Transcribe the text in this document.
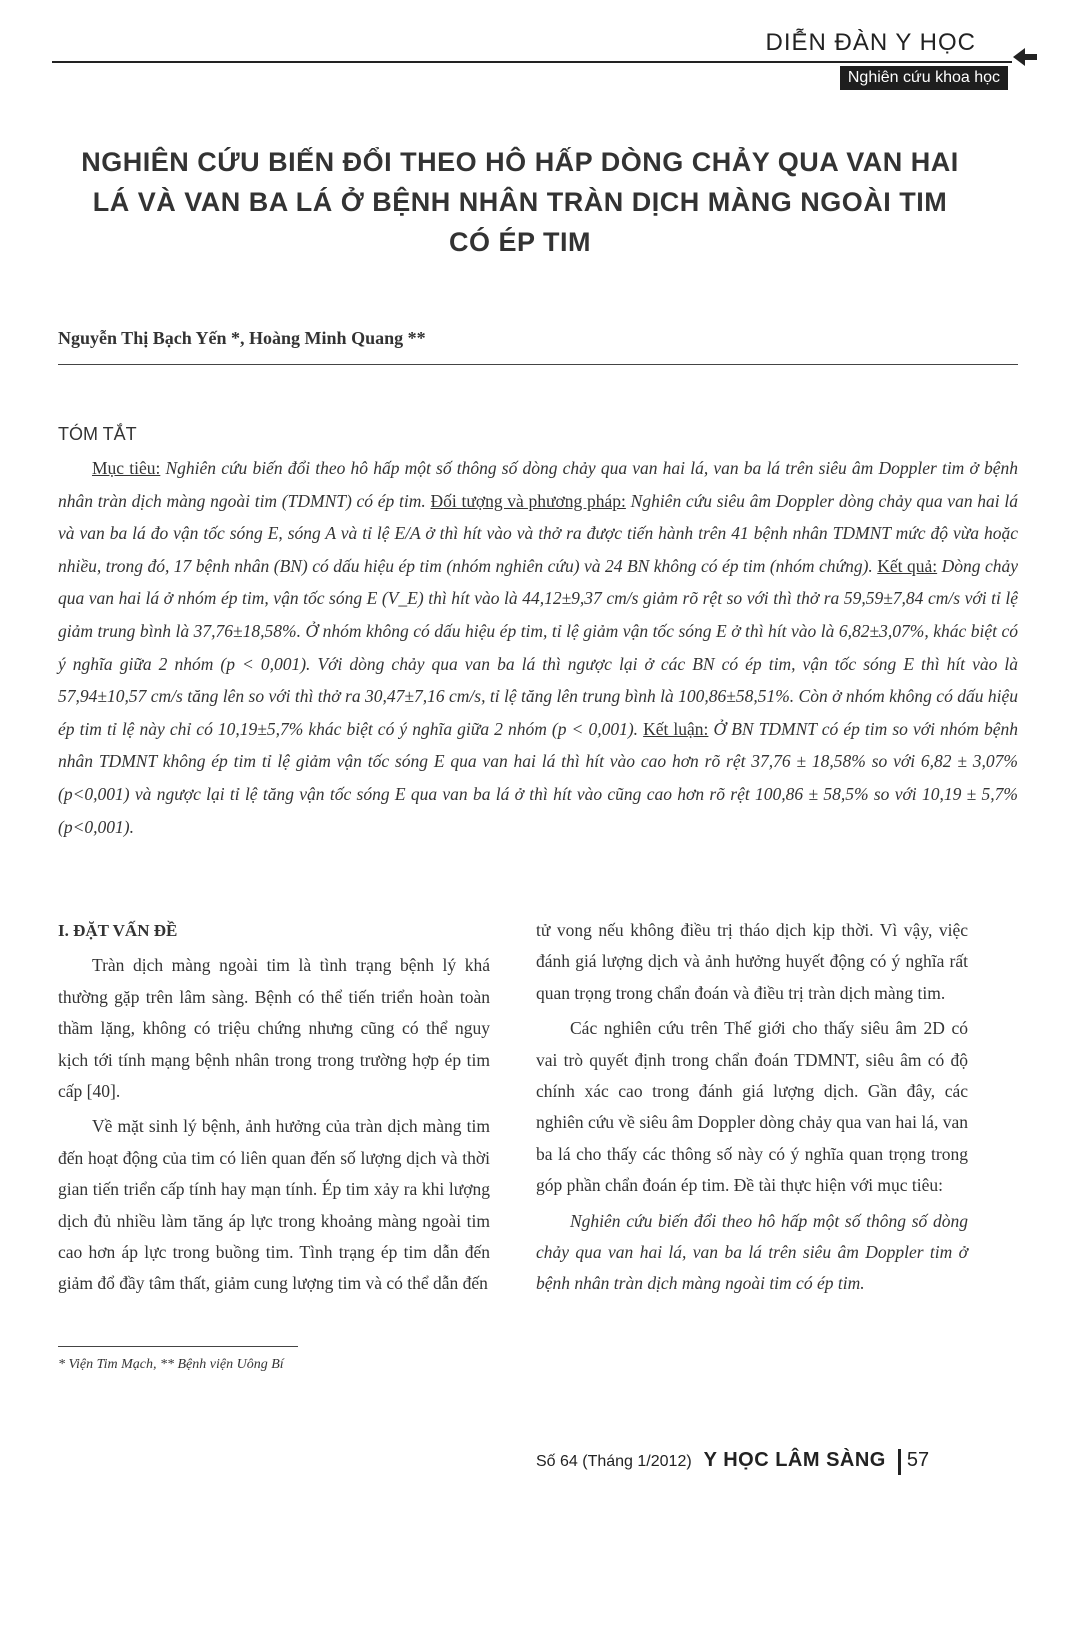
DIỄN ĐÀN Y HỌC
Nghiên cứu khoa học
NGHIÊN CỨU BIẾN ĐỔI THEO HÔ HẤP DÒNG CHẢY QUA VAN HAI LÁ VÀ VAN BA LÁ Ở BỆNH NHÂN TRÀN DỊCH MÀNG NGOÀI TIM CÓ ÉP TIM
Nguyễn Thị Bạch Yến *, Hoàng Minh Quang **
TÓM TẮT
Mục tiêu: Nghiên cứu biến đổi theo hô hấp một số thông số dòng chảy qua van hai lá, van ba lá trên siêu âm Doppler tim ở bệnh nhân tràn dịch màng ngoài tim (TDMNT) có ép tim. Đối tượng và phương pháp: Nghiên cứu siêu âm Doppler dòng chảy qua van hai lá và van ba lá đo vận tốc sóng E, sóng A và tỉ lệ E/A ở thì hít vào và thở ra được tiến hành trên 41 bệnh nhân TDMNT mức độ vừa hoặc nhiều, trong đó, 17 bệnh nhân (BN) có dấu hiệu ép tim (nhóm nghiên cứu) và 24 BN không có ép tim (nhóm chứng). Kết quả: Dòng chảy qua van hai lá ở nhóm ép tim, vận tốc sóng E (V_E) thì hít vào là 44,12±9,37 cm/s giảm rõ rệt so với thì thở ra 59,59±7,84 cm/s với tỉ lệ giảm trung bình là 37,76±18,58%. Ở nhóm không có dấu hiệu ép tim, tỉ lệ giảm vận tốc sóng E ở thì hít vào là 6,82±3,07%, khác biệt có ý nghĩa giữa 2 nhóm (p < 0,001). Với dòng chảy qua van ba lá thì ngược lại ở các BN có ép tim, vận tốc sóng E thì hít vào là 57,94±10,57 cm/s tăng lên so với thì thở ra 30,47±7,16 cm/s, tỉ lệ tăng lên trung bình là 100,86±58,51%. Còn ở nhóm không có dấu hiệu ép tim tỉ lệ này chỉ có 10,19±5,7% khác biệt có ý nghĩa giữa 2 nhóm (p < 0,001). Kết luận: Ở BN TDMNT có ép tim so với nhóm bệnh nhân TDMNT không ép tim tỉ lệ giảm vận tốc sóng E qua van hai lá thì hít vào cao hơn rõ rệt 37,76 ± 18,58% so với 6,82 ± 3,07% (p<0,001) và ngược lại tỉ lệ tăng vận tốc sóng E qua van ba lá ở thì hít vào cũng cao hơn rõ rệt 100,86 ± 58,5% so với 10,19 ± 5,7% (p<0,001).

I. ĐẶT VẤN ĐỀ

Tràn dịch màng ngoài tim là tình trạng bệnh lý khá thường gặp trên lâm sàng. Bệnh có thể tiến triển hoàn toàn thầm lặng, không có triệu chứng nhưng cũng có thể nguy kịch tới tính mạng bệnh nhân trong trong trường hợp ép tim cấp [40].

Về mặt sinh lý bệnh, ảnh hưởng của tràn dịch màng tim đến hoạt động của tim có liên quan đến số lượng dịch và thời gian tiến triển cấp tính hay mạn tính. Ép tim xảy ra khi lượng dịch đủ nhiều làm tăng áp lực trong khoảng màng ngoài tim cao hơn áp lực trong buồng tim. Tình trạng ép tim dẫn đến giảm đổ đầy tâm thất, giảm cung lượng tim và có thể dẫn đến

tử vong nếu không điều trị tháo dịch kịp thời. Vì vậy, việc đánh giá lượng dịch và ảnh hưởng huyết động có ý nghĩa rất quan trọng trong chẩn đoán và điều trị tràn dịch màng tim.

Các nghiên cứu trên Thế giới cho thấy siêu âm 2D có vai trò quyết định trong chẩn đoán TDMNT, siêu âm có độ chính xác cao trong đánh giá lượng dịch. Gần đây, các nghiên cứu về siêu âm Doppler dòng chảy qua van hai lá, van ba lá cho thấy các thông số này có ý nghĩa quan trọng trong góp phần chẩn đoán ép tim. Đề tài thực hiện với mục tiêu:

Nghiên cứu biến đổi theo hô hấp một số thông số dòng chảy qua van hai lá, van ba lá trên siêu âm Doppler tim ở bệnh nhân tràn dịch màng ngoài tim có ép tim.

* Viện Tim Mạch, ** Bệnh viện Uông Bí
Số 64 (Tháng 1/2012) Y HỌC LÂM SÀNG 57
